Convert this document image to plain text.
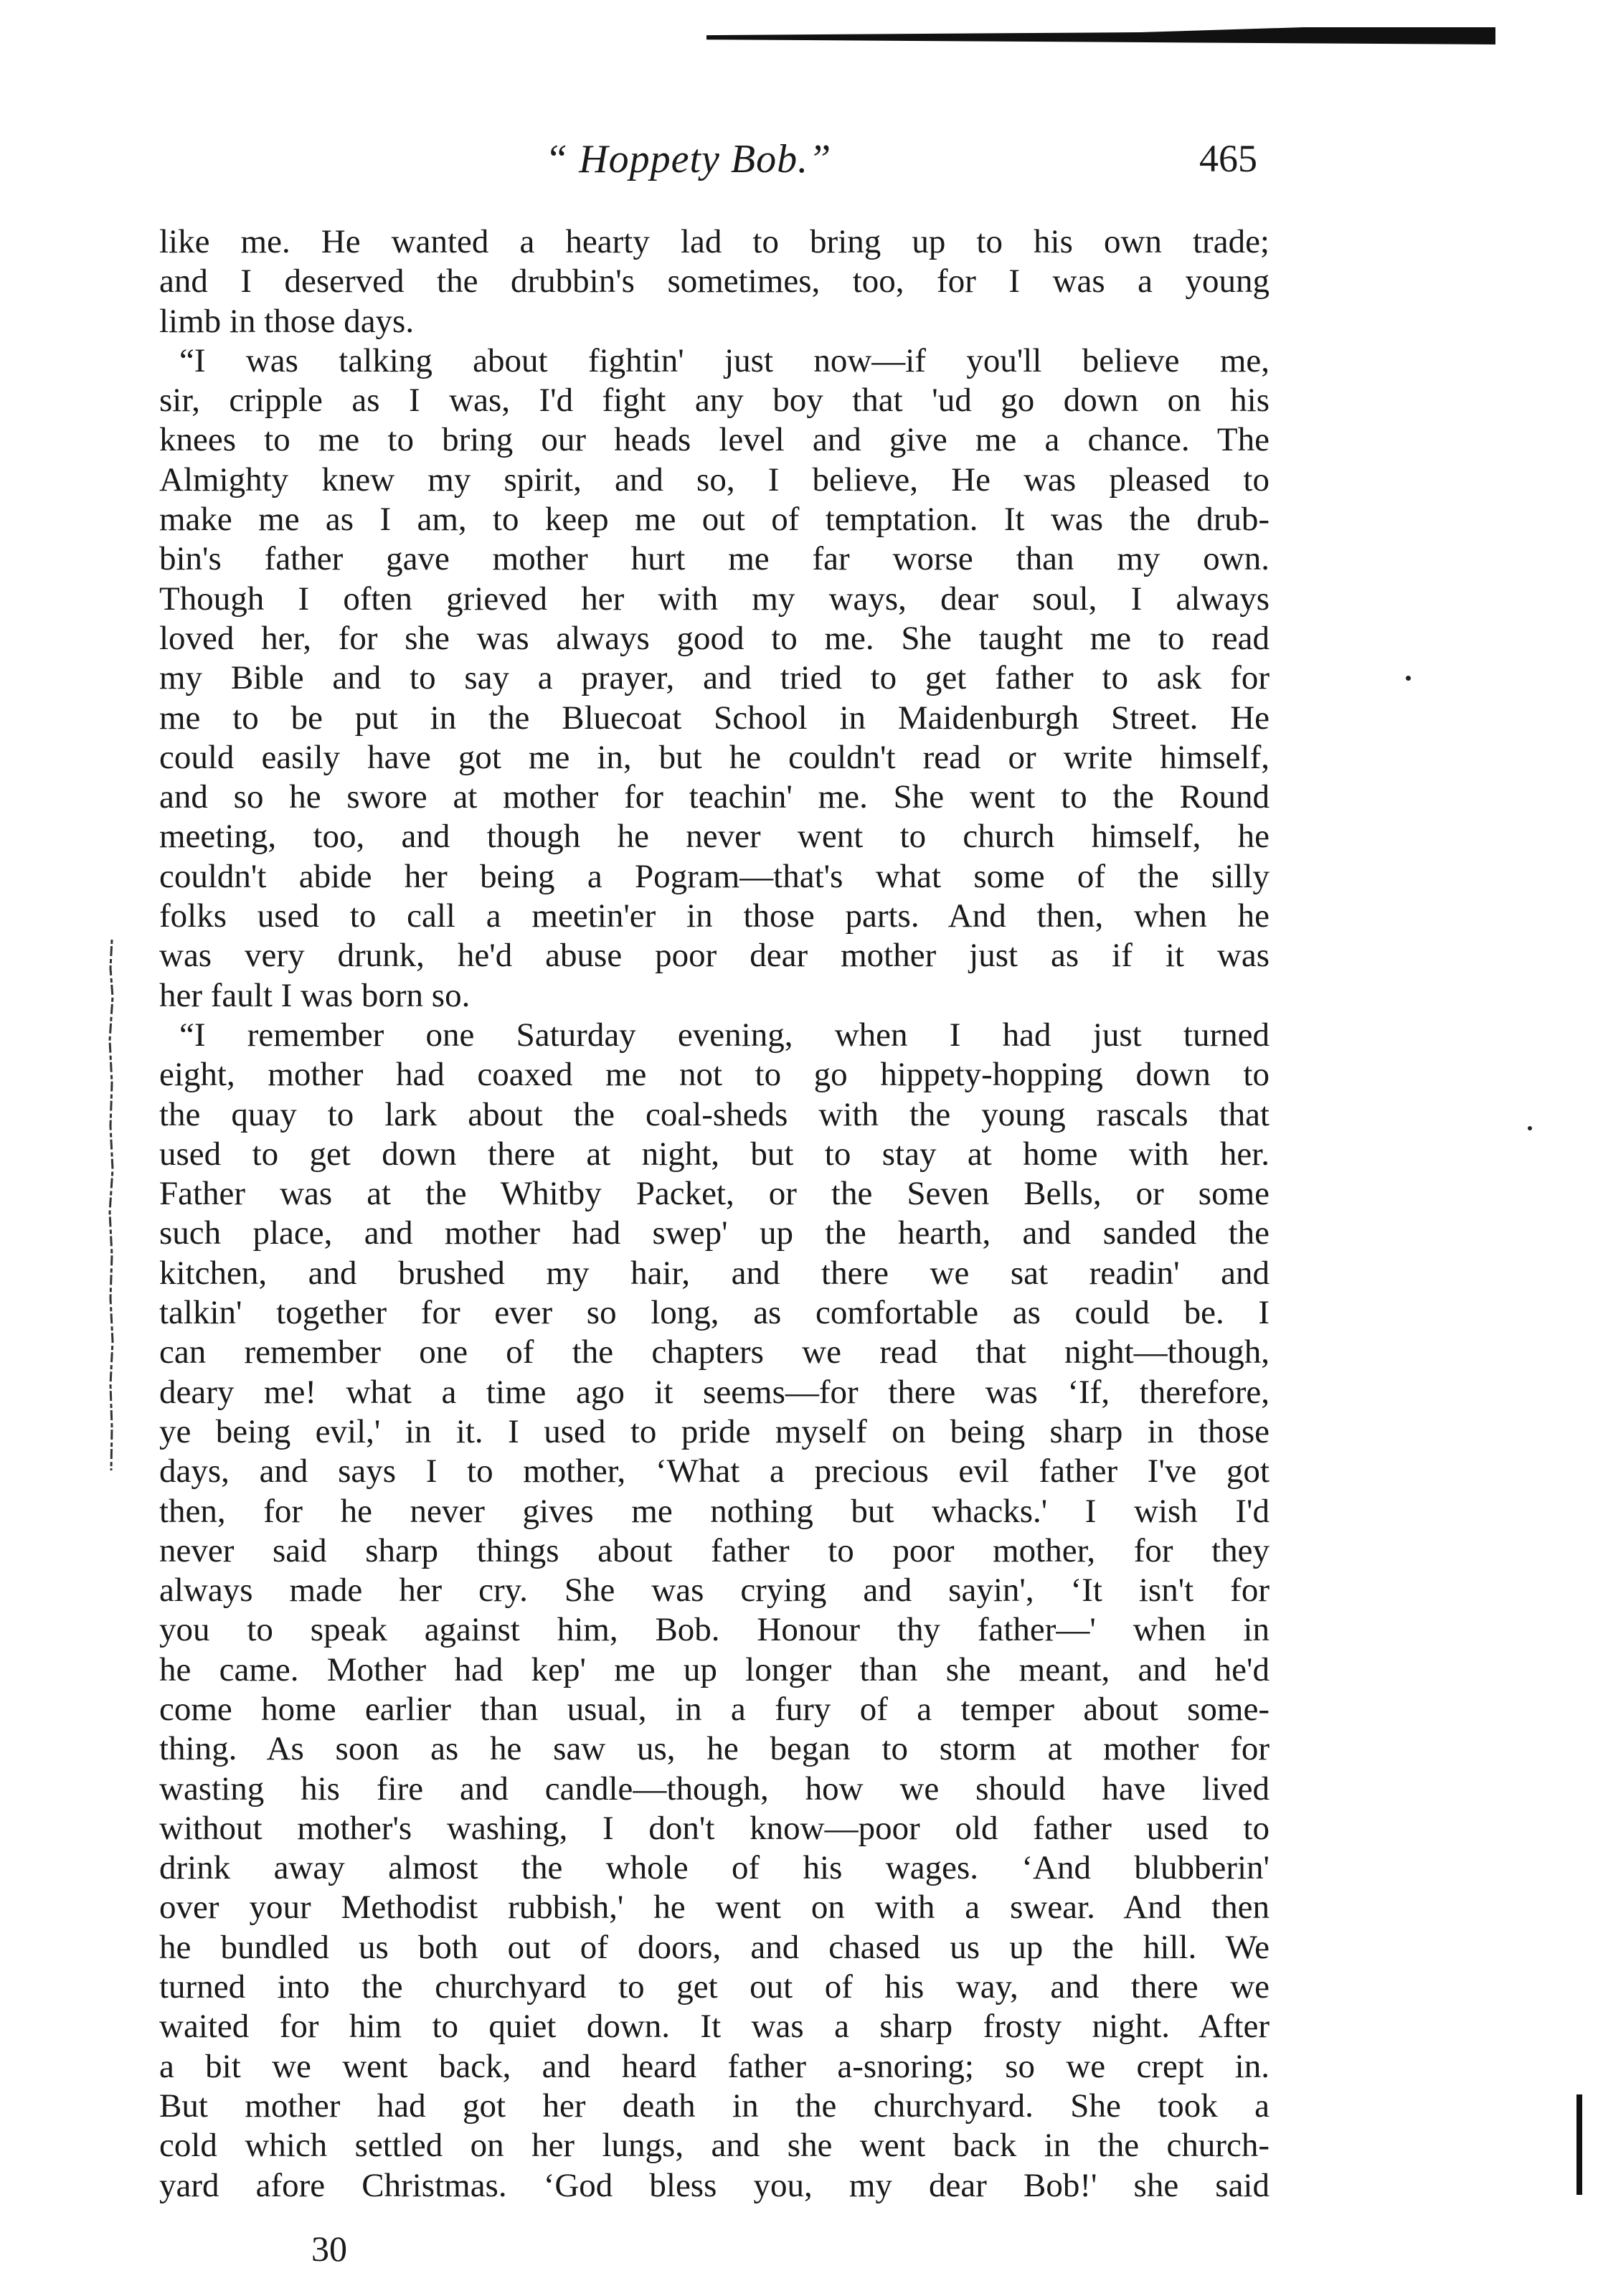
“ Hoppety Bob.”	465
like me. He wanted a hearty lad to bring up to his own trade;
and I deserved the drubbin's sometimes, too, for I was a young
limb in those days.
“I was talking about fightin' just now—if you'll believe me,
sir, cripple as I was, I'd fight any boy that 'ud go down on his
knees to me to bring our heads level and give me a chance. The
Almighty knew my spirit, and so, I believe, He was pleased to
make me as I am, to keep me out of temptation. It was the drub-
bin's father gave mother hurt me far worse than my own.
Though I often grieved her with my ways, dear soul, I always
loved her, for she was always good to me. She taught me to read
my Bible and to say a prayer, and tried to get father to ask for
me to be put in the Bluecoat School in Maidenburgh Street. He
could easily have got me in, but he couldn't read or write himself,
and so he swore at mother for teachin' me. She went to the Round
meeting, too, and though he never went to church himself, he
couldn't abide her being a Pogram—that's what some of the silly
folks used to call a meetin'er in those parts. And then, when he
was very drunk, he'd abuse poor dear mother just as if it was
her fault I was born so.
“I remember one Saturday evening, when I had just turned
eight, mother had coaxed me not to go hippety-hopping down to
the quay to lark about the coal-sheds with the young rascals that
used to get down there at night, but to stay at home with her.
Father was at the Whitby Packet, or the Seven Bells, or some
such place, and mother had swep' up the hearth, and sanded the
kitchen, and brushed my hair, and there we sat readin' and
talkin' together for ever so long, as comfortable as could be. I
can remember one of the chapters we read that night—though,
deary me! what a time ago it seems—for there was ‘If, therefore,
ye being evil,' in it. I used to pride myself on being sharp in those
days, and says I to mother, ‘What a precious evil father I've got
then, for he never gives me nothing but whacks.' I wish I'd
never said sharp things about father to poor mother, for they
always made her cry. She was crying and sayin', ‘It isn't for
you to speak against him, Bob. Honour thy father—' when in
he came. Mother had kep' me up longer than she meant, and he'd
come home earlier than usual, in a fury of a temper about some-
thing. As soon as he saw us, he began to storm at mother for
wasting his fire and candle—though, how we should have lived
without mother's washing, I don't know—poor old father used to
drink away almost the whole of his wages. ‘And blubberin'
over your Methodist rubbish,' he went on with a swear. And then
he bundled us both out of doors, and chased us up the hill. We
turned into the churchyard to get out of his way, and there we
waited for him to quiet down. It was a sharp frosty night. After
a bit we went back, and heard father a-snoring; so we crept in.
But mother had got her death in the churchyard. She took a
cold which settled on her lungs, and she went back in the church-
yard afore Christmas. ‘God bless you, my dear Bob!' she said
30
